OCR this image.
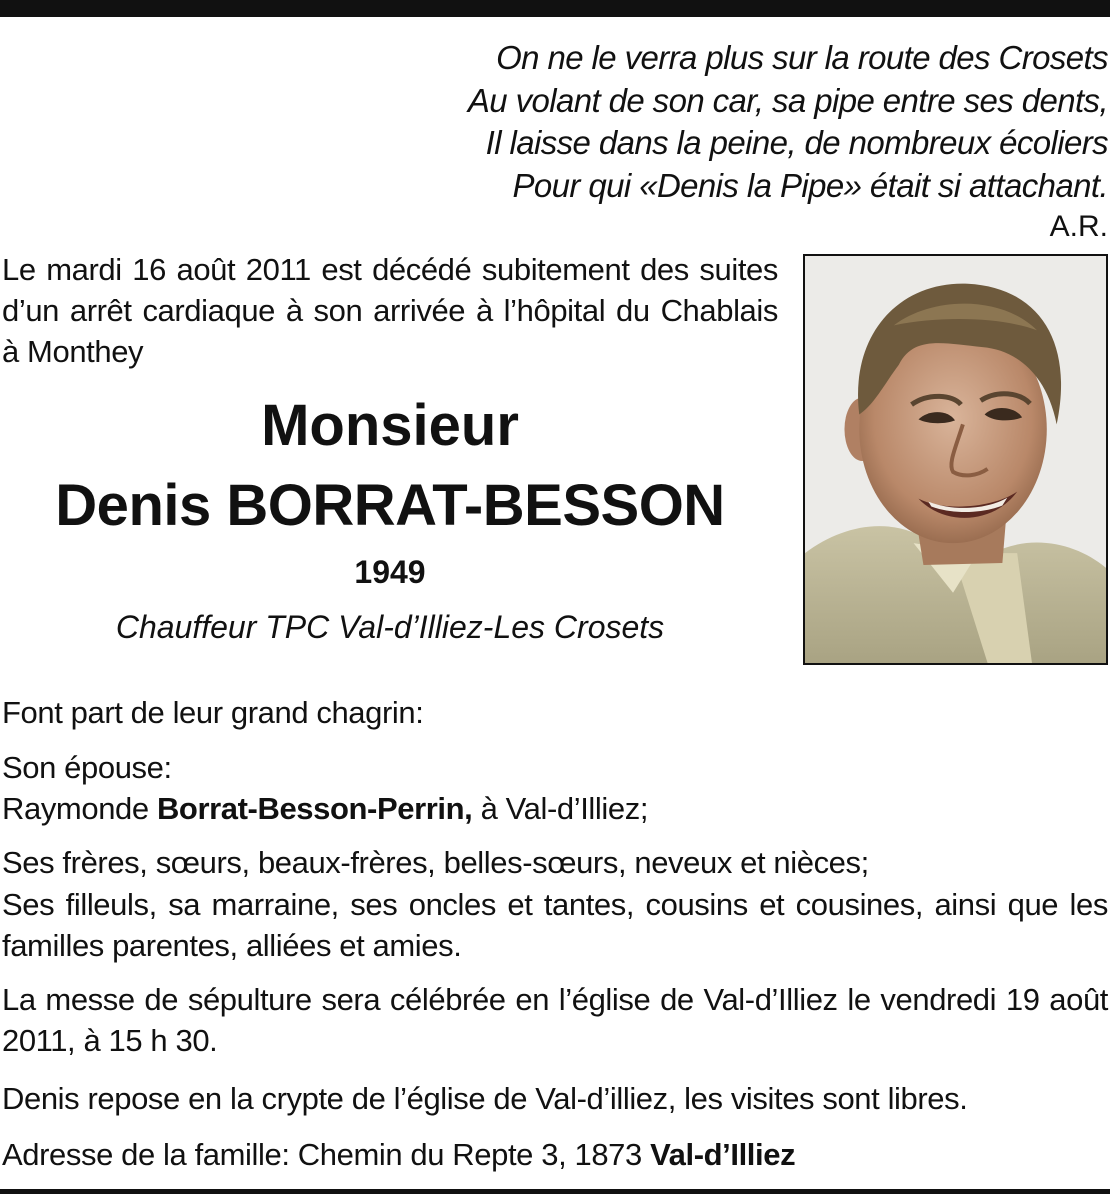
On ne le verra plus sur la route des Crosets
Au volant de son car, sa pipe entre ses dents,
Il laisse dans la peine, de nombreux écoliers
Pour qui «Denis la Pipe» était si attachant.
A.R.
Le mardi 16 août 2011 est décédé subitement des suites d’un arrêt cardiaque à son arrivée à l’hôpital du Chablais à Monthey
Monsieur
Denis BORRAT-BESSON
1949
Chauffeur TPC Val-d’Illiez-Les Crosets
Font part de leur grand chagrin:
Son épouse:
Raymonde Borrat-Besson-Perrin, à Val-d’Illiez;
Ses frères, sœurs, beaux-frères, belles-sœurs, neveux et nièces;
Ses filleuls, sa marraine, ses oncles et tantes, cousins et cousines, ainsi que les familles parentes, alliées et amies.
La messe de sépulture sera célébrée en l’église de Val-d’Illiez le vendredi 19 août 2011, à 15 h 30.
Denis repose en la crypte de l’église de Val-d’illiez, les visites sont libres.
Adresse de la famille: Chemin du Repte 3, 1873 Val-d’Illiez
